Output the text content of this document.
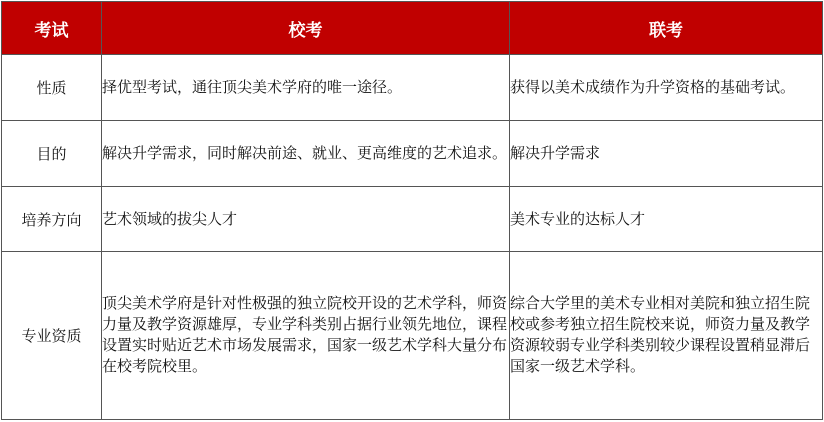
考试	校考	联考
性质	择优型考试，通往顶尖美术学府的唯一途径。	获得以美术成绩作为升学资格的基础考试。
目的	解决升学需求，同时解决前途、就业、更高维度的艺术追求。	解决升学需求
培养方向	艺术领域的拔尖人才	美术专业的达标人才
专业资质	顶尖美术学府是针对性极强的独立院校开设的艺术学科，师资力量及教学资源雄厚，专业学科类别占据行业领先地位，课程设置实时贴近艺术市场发展需求，国家一级艺术学科大量分布在校考院校里。	综合大学里的美术专业相对美院和独立招生院校或参考独立招生院校来说，师资力量及教学资源较弱专业学科类别较少课程设置稍显滞后国家一级艺术学科。
